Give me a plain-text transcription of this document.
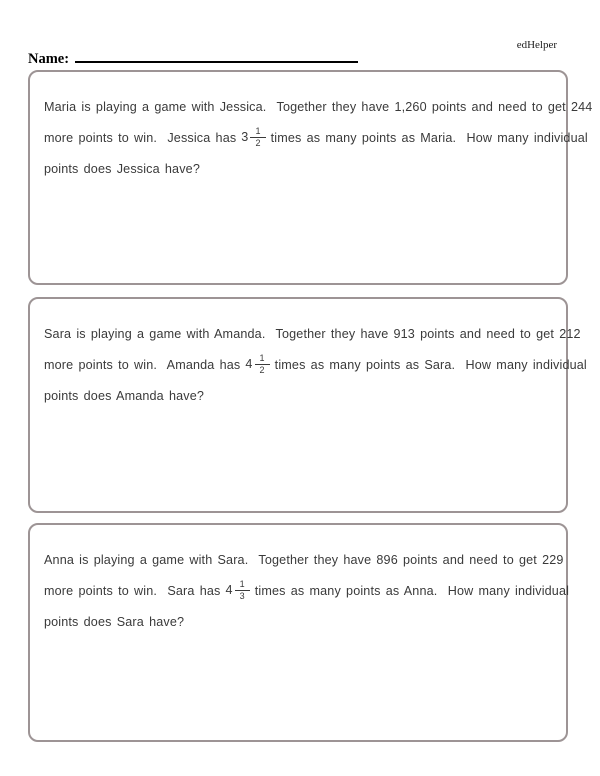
edHelper
Name:
Maria is playing a game with Jessica.  Together they have 1,260 points and need to get 244
more points to win.  Jessica has $3 \frac{1}{2}$ times as many points as Maria.  How many individual
points does Jessica have?
Sara is playing a game with Amanda.  Together they have 913 points and need to get 212
more points to win.  Amanda has $4 \frac{1}{2}$ times as many points as Sara.  How many individual
points does Amanda have?
Anna is playing a game with Sara.  Together they have 896 points and need to get 229
more points to win.  Sara has $4 \frac{1}{3}$ times as many points as Anna.  How many individual
points does Sara have?
